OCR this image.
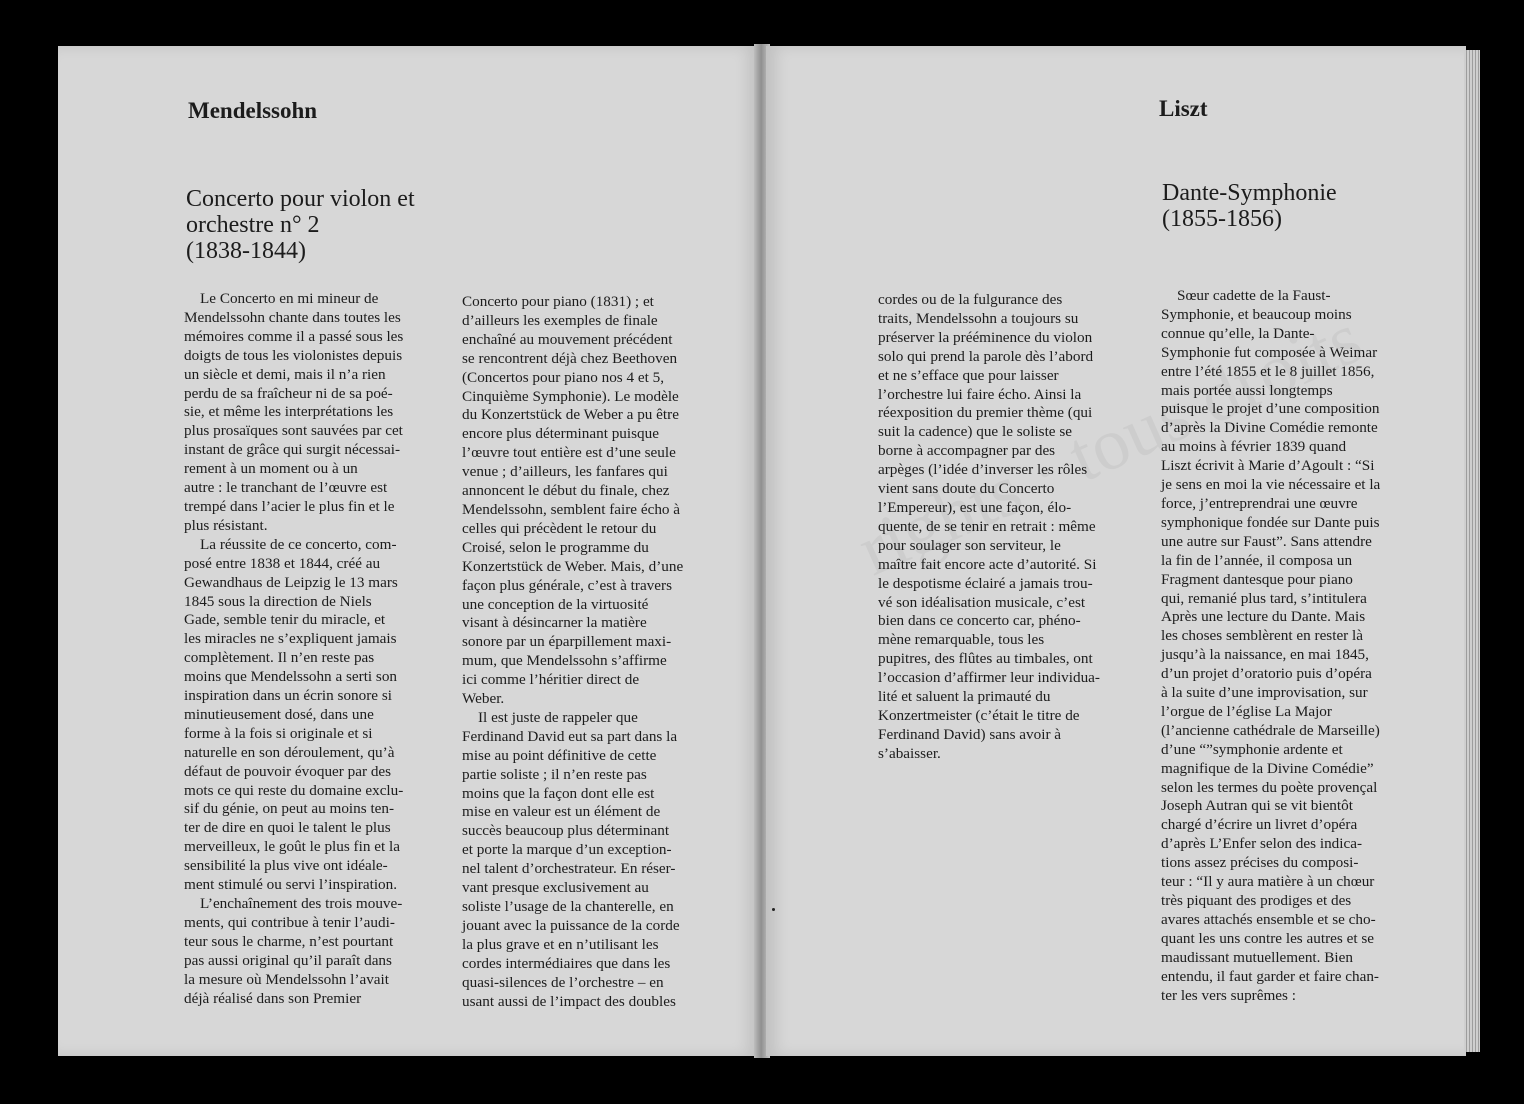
Mendelssohn
Concerto pour violon et
orchestre n° 2
(1838-1844)
Le Concerto en mi mineur de
Mendelssohn chante dans toutes les
mémoires comme il a passé sous les
doigts de tous les violonistes depuis
un siècle et demi, mais il n’a rien
perdu de sa fraîcheur ni de sa poé-
sie, et même les interprétations les
plus prosaïques sont sauvées par cet
instant de grâce qui surgit nécessai-
rement à un moment ou à un
autre : le tranchant de l’œuvre est
trempé dans l’acier le plus fin et le
plus résistant.
La réussite de ce concerto, com-
posé entre 1838 et 1844, créé au
Gewandhaus de Leipzig le 13 mars
1845 sous la direction de Niels
Gade, semble tenir du miracle, et
les miracles ne s’expliquent jamais
complètement. Il n’en reste pas
moins que Mendelssohn a serti son
inspiration dans un écrin sonore si
minutieusement dosé, dans une
forme à la fois si originale et si
naturelle en son déroulement, qu’à
défaut de pouvoir évoquer par des
mots ce qui reste du domaine exclu-
sif du génie, on peut au moins ten-
ter de dire en quoi le talent le plus
merveilleux, le goût le plus fin et la
sensibilité la plus vive ont idéale-
ment stimulé ou servi l’inspiration.
L’enchaînement des trois mouve-
ments, qui contribue à tenir l’audi-
teur sous le charme, n’est pourtant
pas aussi original qu’il paraît dans
la mesure où Mendelssohn l’avait
déjà réalisé dans son Premier
Concerto pour piano (1831) ; et
d’ailleurs les exemples de finale
enchaîné au mouvement précédent
se rencontrent déjà chez Beethoven
(Concertos pour piano nos 4 et 5,
Cinquième Symphonie). Le modèle
du Konzertstück de Weber a pu être
encore plus déterminant puisque
l’œuvre tout entière est d’une seule
venue ; d’ailleurs, les fanfares qui
annoncent le début du finale, chez
Mendelssohn, semblent faire écho à
celles qui précèdent le retour du
Croisé, selon le programme du
Konzertstück de Weber. Mais, d’une
façon plus générale, c’est à travers
une conception de la virtuosité
visant à désincarner la matière
sonore par un éparpillement maxi-
mum, que Mendelssohn s’affirme
ici comme l’héritier direct de
Weber.
Il est juste de rappeler que
Ferdinand David eut sa part dans la
mise au point définitive de cette
partie soliste ; il n’en reste pas
moins que la façon dont elle est
mise en valeur est un élément de
succès beaucoup plus déterminant
et porte la marque d’un exception-
nel talent d’orchestrateur. En réser-
vant presque exclusivement au
soliste l’usage de la chanterelle, en
jouant avec la puissance de la corde
la plus grave et en n’utilisant les
cordes intermédiaires que dans les
quasi-silences de l’orchestre – en
usant aussi de l’impact des doubles
Liszt
Dante-Symphonie
(1855-1856)
cordes ou de la fulgurance des
traits, Mendelssohn a toujours su
préserver la prééminence du violon
solo qui prend la parole dès l’abord
et ne s’efface que pour laisser
l’orchestre lui faire écho. Ainsi la
réexposition du premier thème (qui
suit la cadence) que le soliste se
borne à accompagner par des
arpèges (l’idée d’inverser les rôles
vient sans doute du Concerto
l’Empereur), est une façon, élo-
quente, de se tenir en retrait : même
pour soulager son serviteur, le
maître fait encore acte d’autorité. Si
le despotisme éclairé a jamais trou-
vé son idéalisation musicale, c’est
bien dans ce concerto car, phéno-
mène remarquable, tous les
pupitres, des flûtes au timbales, ont
l’occasion d’affirmer leur individua-
lité et saluent la primauté du
Konzertmeister (c’était le titre de
Ferdinand David) sans avoir à
s’abaisser.
Sœur cadette de la Faust-
Symphonie, et beaucoup moins
connue qu’elle, la Dante-
Symphonie fut composée à Weimar
entre l’été 1855 et le 8 juillet 1856,
mais portée aussi longtemps
puisque le projet d’une composition
d’après la Divine Comédie remonte
au moins à février 1839 quand
Liszt écrivit à Marie d’Agoult : “Si
je sens en moi la vie nécessaire et la
force, j’entreprendrai une œuvre
symphonique fondée sur Dante puis
une autre sur Faust”. Sans attendre
la fin de l’année, il composa un
Fragment dantesque pour piano
qui, remanié plus tard, s’intitulera
Après une lecture du Dante. Mais
les choses semblèrent en rester là
jusqu’à la naissance, en mai 1845,
d’un projet d’oratorio puis d’opéra
à la suite d’une improvisation, sur
l’orgue de l’église La Major
(l’ancienne cathédrale de Marseille)
d’une “”symphonie ardente et
magnifique de la Divine Comédie”
selon les termes du poète provençal
Joseph Autran qui se vit bientôt
chargé d’écrire un livret d’opéra
d’après L’Enfer selon des indica-
tions assez précises du composi-
teur : “Il y aura matière à un chœur
très piquant des prodiges et des
avares attachés ensemble et se cho-
quant les uns contre les autres et se
maudissant mutuellement. Bien
entendu, il faut garder et faire chan-
ter les vers suprêmes :
